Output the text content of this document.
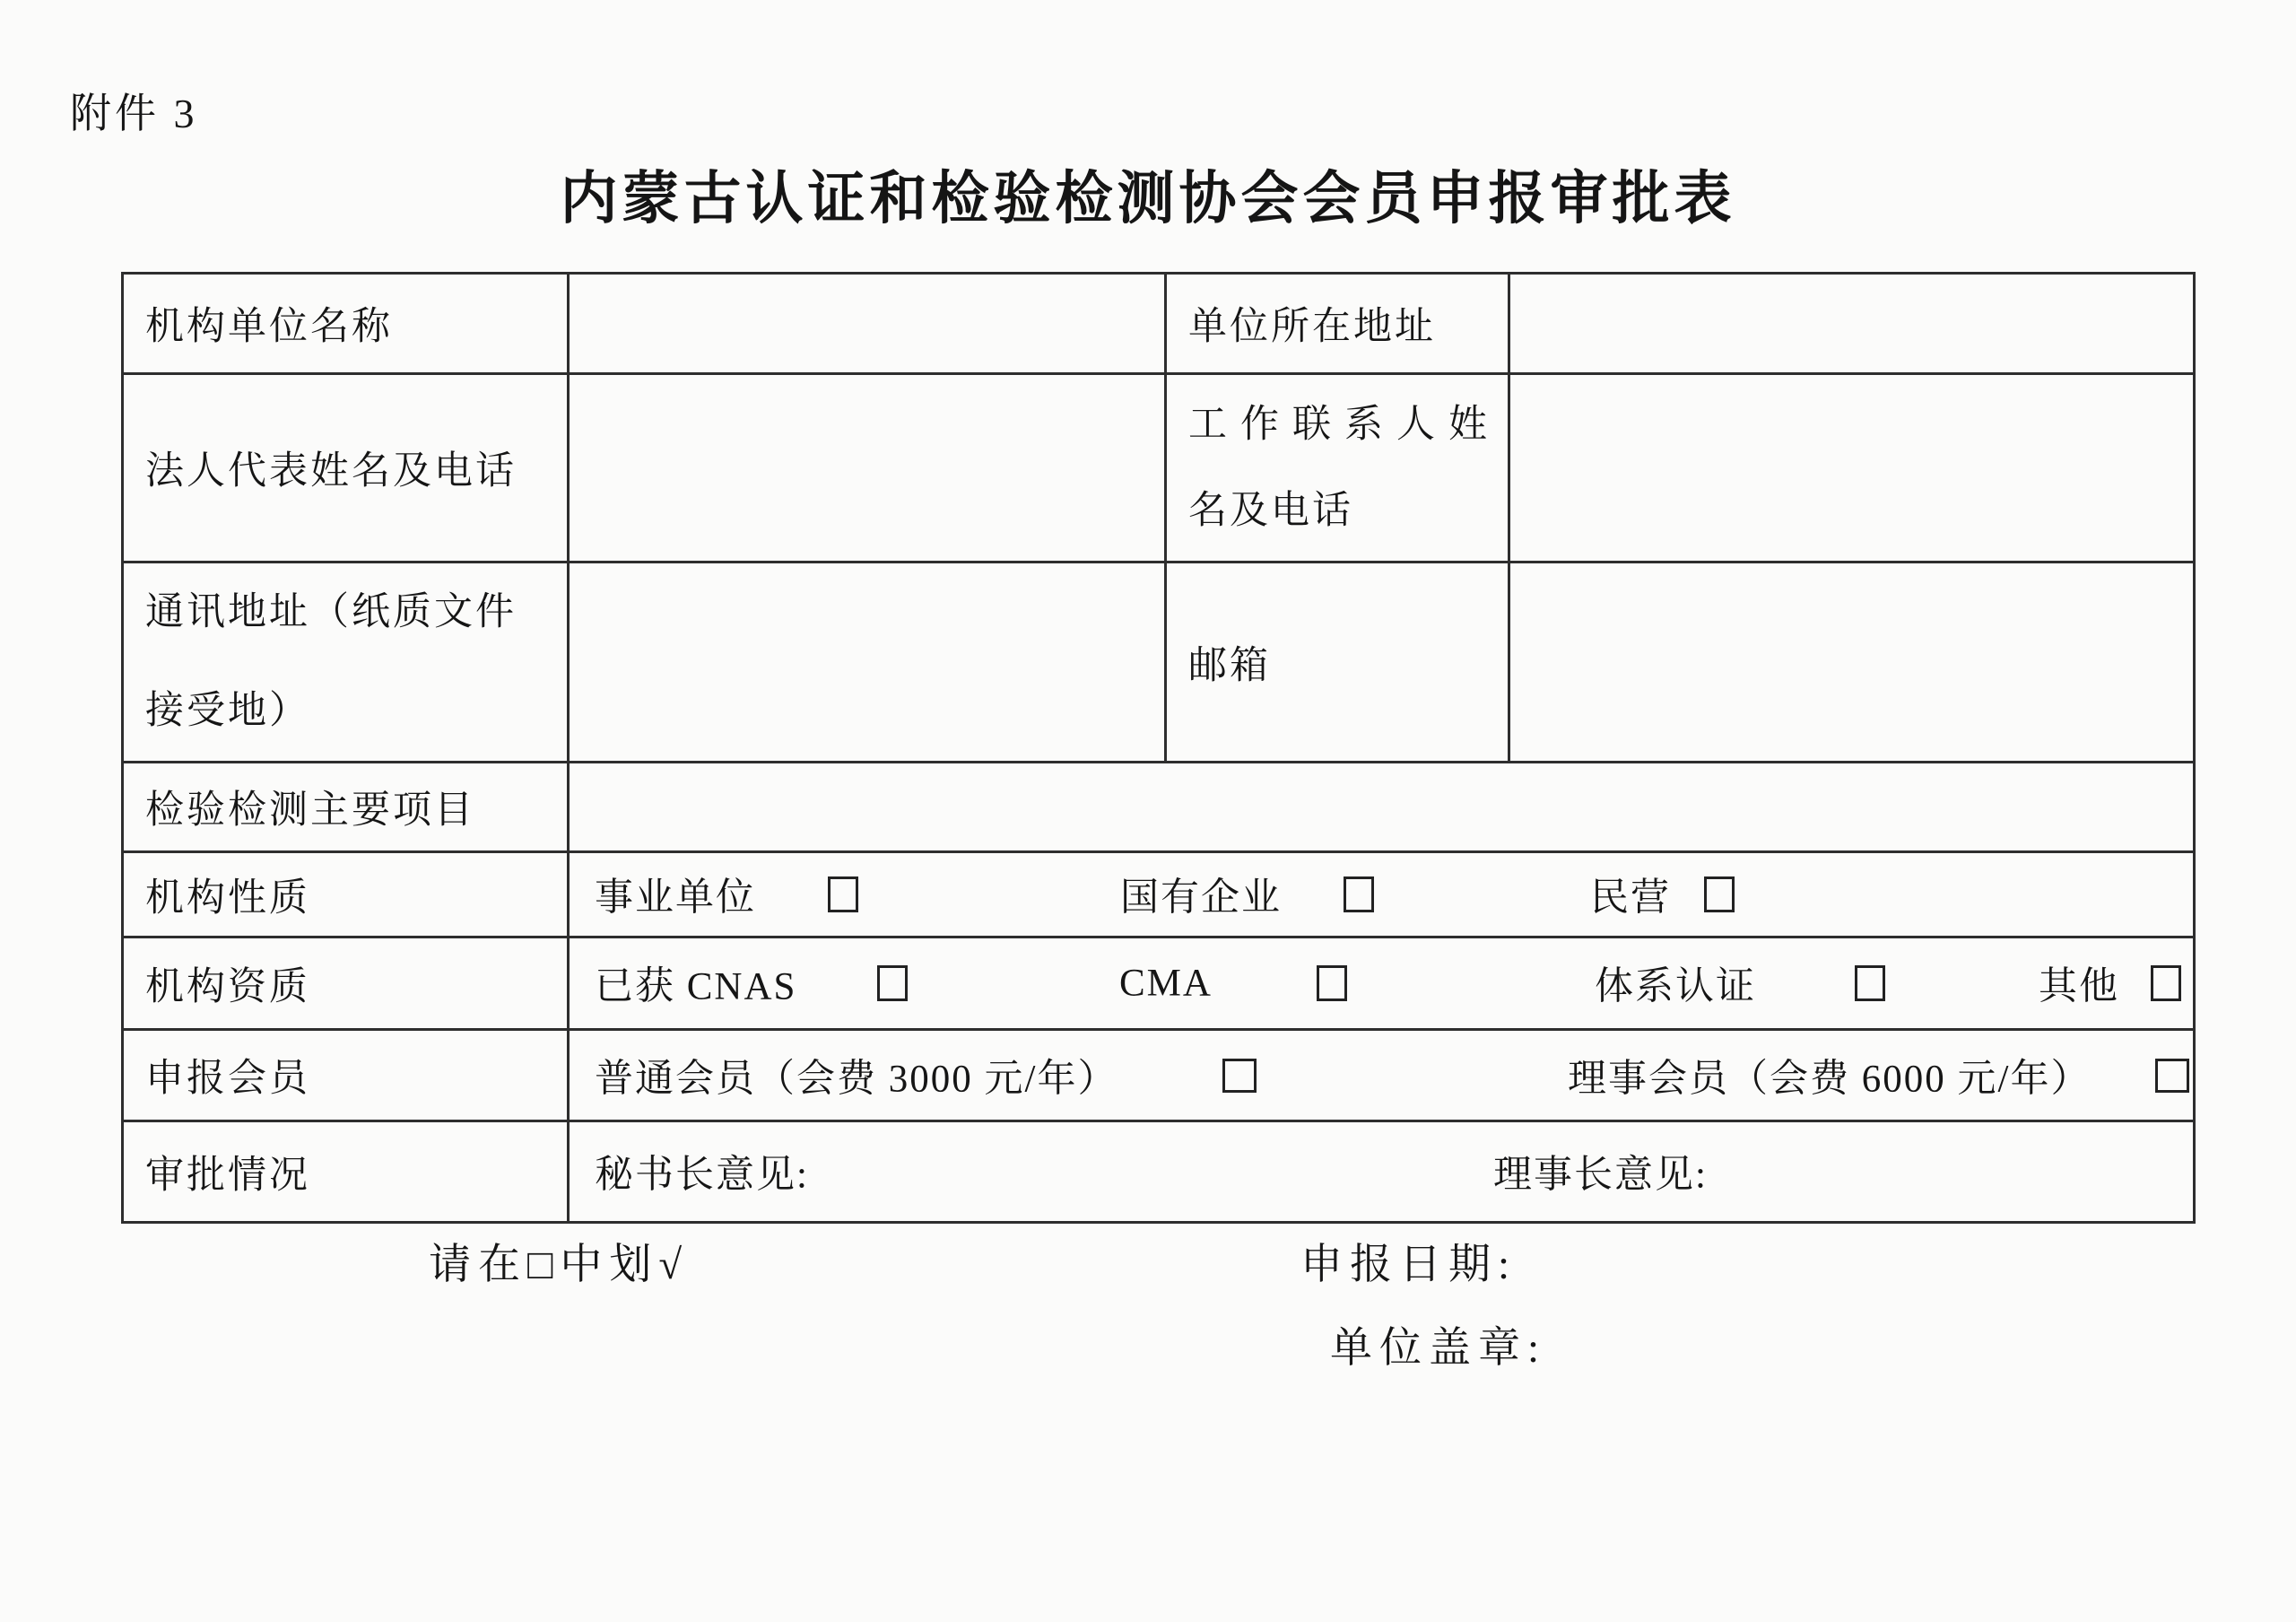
附件 3
内蒙古认证和检验检测协会会员申报审批表
机构单位名称		单位所在地址	
法人代表姓名及电话		工作联系人姓
名及电话	

通讯地址（纸质文件
接受地）		邮箱	
检验检测主要项目			
机构性质	事业单位 国有企业 民营		

机构资质	已获 CNAS CMA 体系认证 其他		

申报会员	普通会员（会费 3000 元/年） 理事会员（会费 6000 元/年）		

审批情况	秘书长意见: 理事长意见:		
请在□中划√	申报日期:
单位盖章:
